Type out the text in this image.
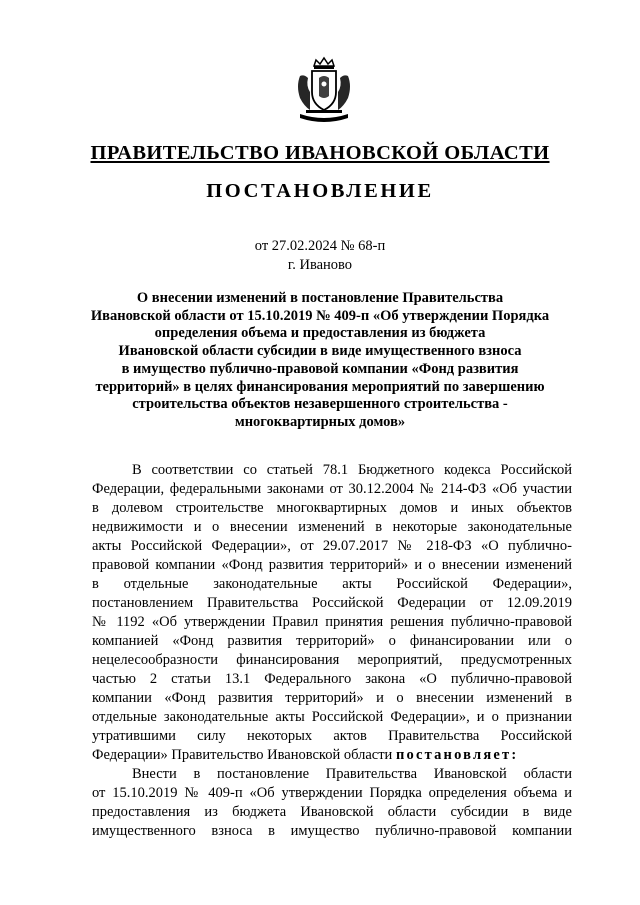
ПРАВИТЕЛЬСТВО ИВАНОВСКОЙ ОБЛАСТИ
ПОСТАНОВЛЕНИЕ
от 27.02.2024 № 68-п
г. Иваново
О внесении изменений в постановление Правительства
Ивановской области от 15.10.2019 № 409-п «Об утверждении Порядка
определения объема и предоставления из бюджета
Ивановской области субсидии в виде имущественного взноса
в имущество публично-правовой компании «Фонд развития
территорий» в целях финансирования мероприятий по завершению
строительства объектов незавершенного строительства -
многоквартирных домов»
В соответствии со статьей 78.1 Бюджетного кодекса Российской
Федерации, федеральными законами от 30.12.2004 № 214-ФЗ «Об участии
в долевом строительстве многоквартирных домов и иных объектов
недвижимости и о внесении изменений в некоторые законодательные
акты Российской Федерации», от 29.07.2017 № 218-ФЗ «О публично-
правовой компании «Фонд развития территорий» и о внесении изменений
в отдельные законодательные акты Российской Федерации»,
постановлением Правительства Российской Федерации от 12.09.2019
№ 1192 «Об утверждении Правил принятия решения публично-правовой
компанией «Фонд развития территорий» о финансировании или о
нецелесообразности финансирования мероприятий, предусмотренных
частью 2 статьи 13.1 Федерального закона «О публично-правовой
компании «Фонд развития территорий» и о внесении изменений в
отдельные законодательные акты Российской Федерации», и о признании
утратившими силу некоторых актов Правительства Российской
Федерации» Правительство Ивановской области постановляет:
Внести в постановление Правительства Ивановской области
от 15.10.2019 № 409-п «Об утверждении Порядка определения объема и
предоставления из бюджета Ивановской области субсидии в виде
имущественного взноса в имущество публично-правовой компании
